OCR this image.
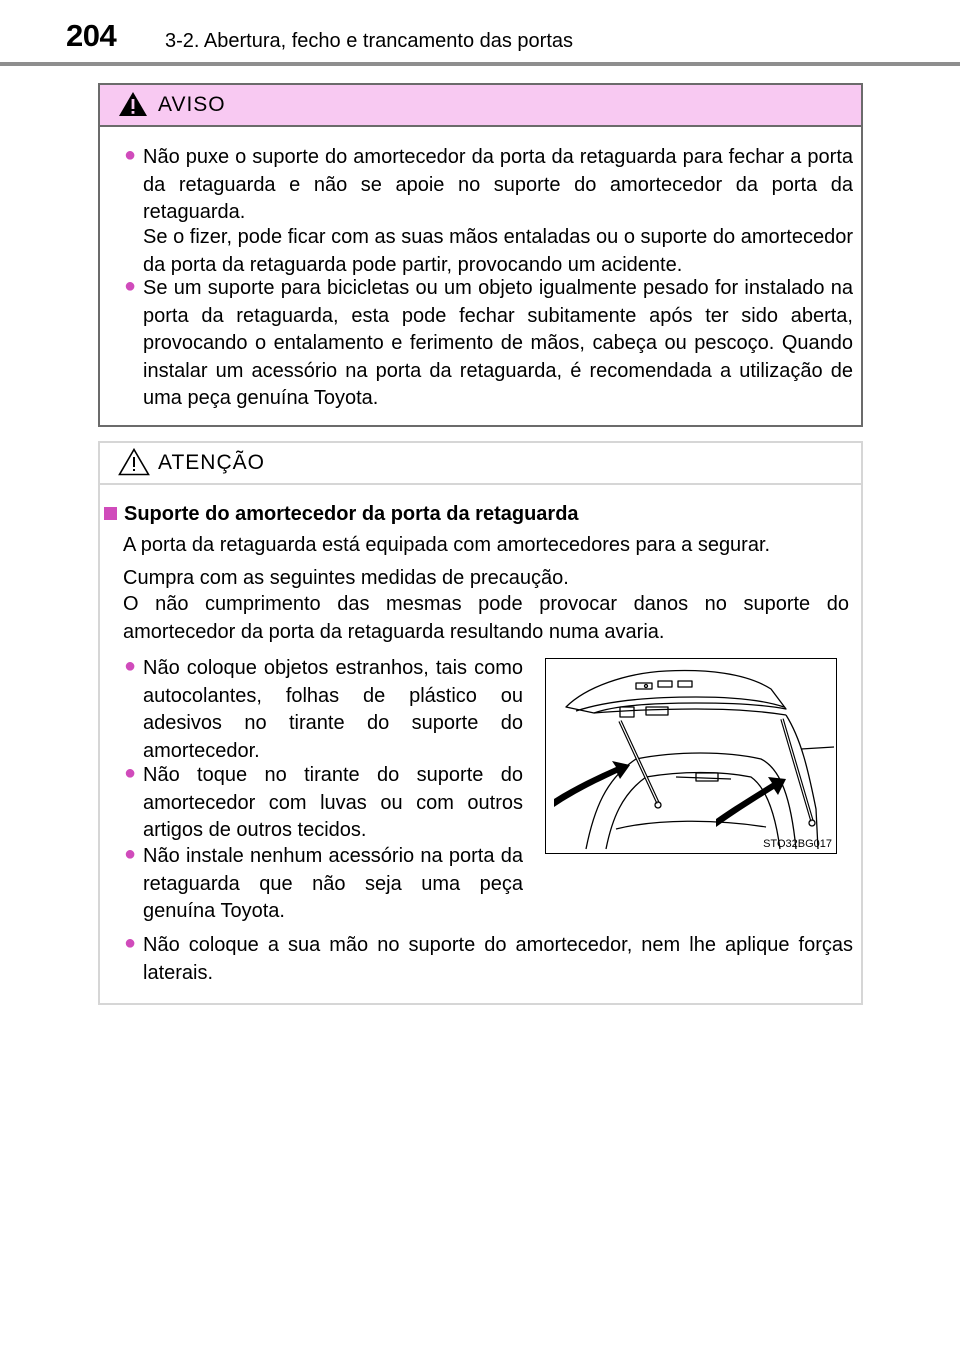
204 3-2. Abertura, fecho e trancamento das portas
AVISO
● Não puxe o suporte do amortecedor da porta da retaguarda para fechar a porta da retaguarda e não se apoie no suporte do amortecedor da porta da retaguarda.
Se o fizer, pode ficar com as suas mãos entaladas ou o suporte do amortecedor da porta da retaguarda pode partir, provocando um acidente.
● Se um suporte para bicicletas ou um objeto igualmente pesado for instalado na porta da retaguarda, esta pode fechar subitamente após ter sido aberta, provocando o entalamento e ferimento de mãos, cabeça ou pescoço. Quando instalar um acessório na porta da retaguarda, é recomendada a utilização de uma peça genuína Toyota.
ATENÇÃO
Suporte do amortecedor da porta da retaguarda
A porta da retaguarda está equipada com amortecedores para a segurar.
Cumpra com as seguintes medidas de precaução.
O não cumprimento das mesmas pode provocar danos no suporte do amortecedor da porta da retaguarda resultando numa avaria.
● Não coloque objetos estranhos, tais como autocolantes, folhas de plástico ou adesivos no tirante do suporte do amortecedor.
● Não toque no tirante do suporte do amortecedor com luvas ou com outros artigos de outros tecidos.
● Não instale nenhum acessório na porta da retaguarda que não seja uma peça genuína Toyota.
● Não coloque a sua mão no suporte do amortecedor, nem lhe aplique forças laterais.
STO32BG017
